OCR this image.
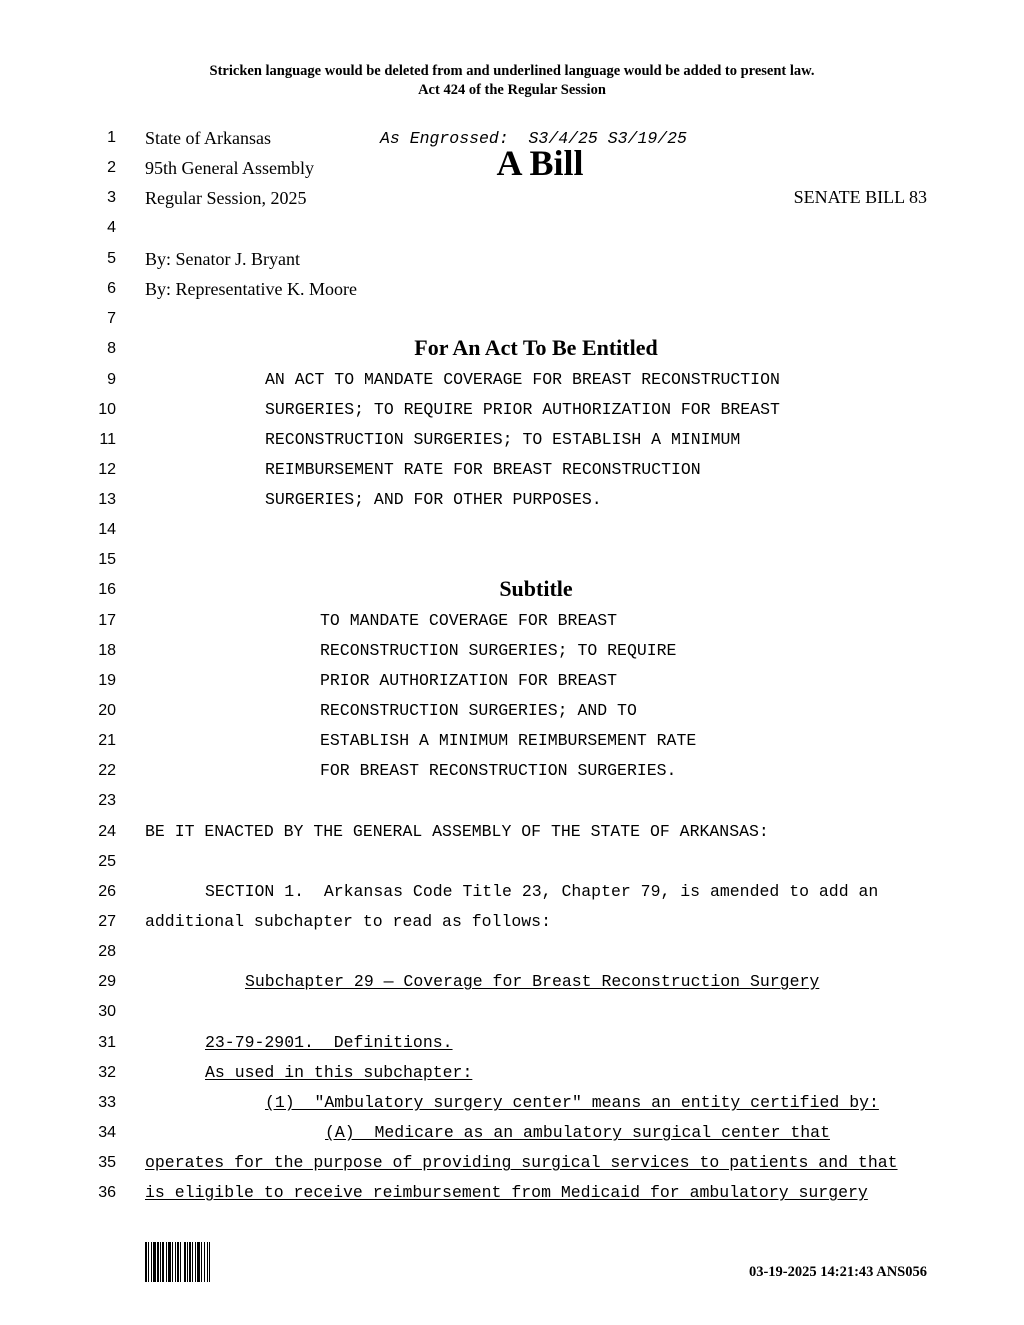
Stricken language would be deleted from and underlined language would be added to present law.
Act 424 of the Regular Session
1
2
3
4
5
6
7
8
9
10
11
12
13
14
15
16
17
18
19
20
21
22
23
24
25
26
27
28
29
30
31
32
33
34
35
36
State of Arkansas	As Engrossed:  S3/4/25 S3/19/25
95th General Assembly	A Bill
Regular Session, 2025	SENATE BILL 83
By: Senator J. Bryant
By: Representative K. Moore
For An Act To Be Entitled
AN ACT TO MANDATE COVERAGE FOR BREAST RECONSTRUCTION
SURGERIES; TO REQUIRE PRIOR AUTHORIZATION FOR BREAST
RECONSTRUCTION SURGERIES; TO ESTABLISH A MINIMUM
REIMBURSEMENT RATE FOR BREAST RECONSTRUCTION
SURGERIES; AND FOR OTHER PURPOSES.
Subtitle
TO MANDATE COVERAGE FOR BREAST
RECONSTRUCTION SURGERIES; TO REQUIRE
PRIOR AUTHORIZATION FOR BREAST
RECONSTRUCTION SURGERIES; AND TO
ESTABLISH A MINIMUM REIMBURSEMENT RATE
FOR BREAST RECONSTRUCTION SURGERIES.
BE IT ENACTED BY THE GENERAL ASSEMBLY OF THE STATE OF ARKANSAS:
SECTION 1.  Arkansas Code Title 23, Chapter 79, is amended to add an
additional subchapter to read as follows:
Subchapter 29 — Coverage for Breast Reconstruction Surgery
23-79-2901.  Definitions.
As used in this subchapter:
(1)  "Ambulatory surgery center" means an entity certified by:
(A)  Medicare as an ambulatory surgical center that
operates for the purpose of providing surgical services to patients and that
is eligible to receive reimbursement from Medicaid for ambulatory surgery
03-19-2025 14:21:43 ANS056
